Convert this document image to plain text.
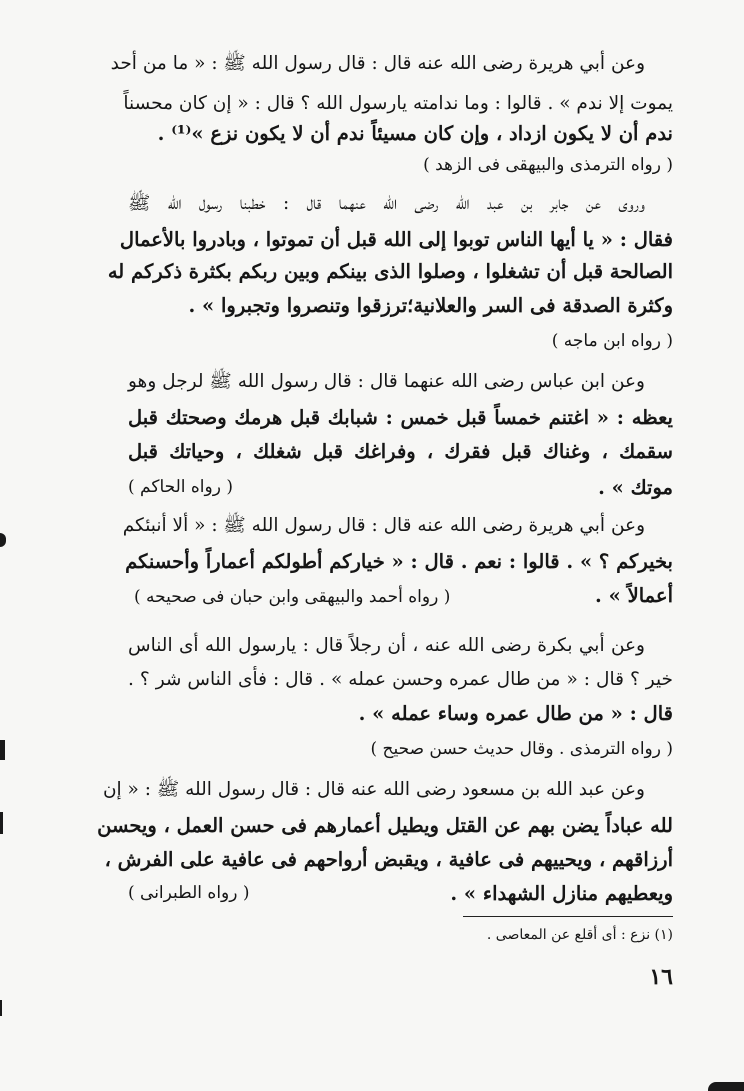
وعن أبي هريرة رضى الله عنه قال : قال رسول الله ﷺ : « ما من أحد
يموت إلا ندم » . قالوا : وما ندامته يارسول الله ؟ قال : « إن كان محسناً
ندم أن لا يكون ازداد ، وإن كان مسيئاً ندم أن لا يكون نزع »⁽¹⁾ .
( رواه الترمذى والبيهقى فى الزهد )
وروى عن جابر بن عبد الله رضى الله عنهما قال : خطبنا رسول الله ﷺ
فقال : « يا أيها الناس توبوا إلى الله قبل أن تموتوا ، وبادروا بالأعمال
الصالحة قبل أن تشغلوا ، وصلوا الذى بينكم وبين ربكم بكثرة ذكركم له
وكثرة الصدقة فى السر والعلانية؛ترزقوا وتنصروا وتجبروا » .
( رواه ابن ماجه )
وعن ابن عباس رضى الله عنهما قال : قال رسول الله ﷺ لرجل وهو
يعظه : « اغتنم خمساً قبل خمس : شبابك قبل هرمك وصحتك قبل
سقمك ، وغناك قبل فقرك ، وفراغك قبل شغلك ، وحياتك قبل
موتك » .
( رواه الحاكم )
وعن أبي هريرة رضى الله عنه قال : قال رسول الله ﷺ : « ألا أنبئكم
بخيركم ؟ » . قالوا : نعم . قال : « خياركم أطولكم أعماراً وأحسنكم
أعمالاً » .
( رواه أحمد والبيهقى وابن حبان فى صحيحه )
وعن أبي بكرة رضى الله عنه ، أن رجلاً قال : يارسول الله أى الناس
خير ؟ قال : « من طال عمره وحسن عمله » . قال : فأى الناس شر ؟ .
قال : « من طال عمره وساء عمله » .
( رواه الترمذى . وقال حديث حسن صحيح )
وعن عبد الله بن مسعود رضى الله عنه قال : قال رسول الله ﷺ : « إن
لله عباداً يضن بهم عن القتل ويطيل أعمارهم فى حسن العمل ، ويحسن
أرزاقهم ، ويحييهم فى عافية ، ويقبض أرواحهم فى عافية على الفرش ،
ويعطيهم منازل الشهداء » .
( رواه الطبرانى )
(١) نزع : أى أقلع عن المعاصى .
١٦
